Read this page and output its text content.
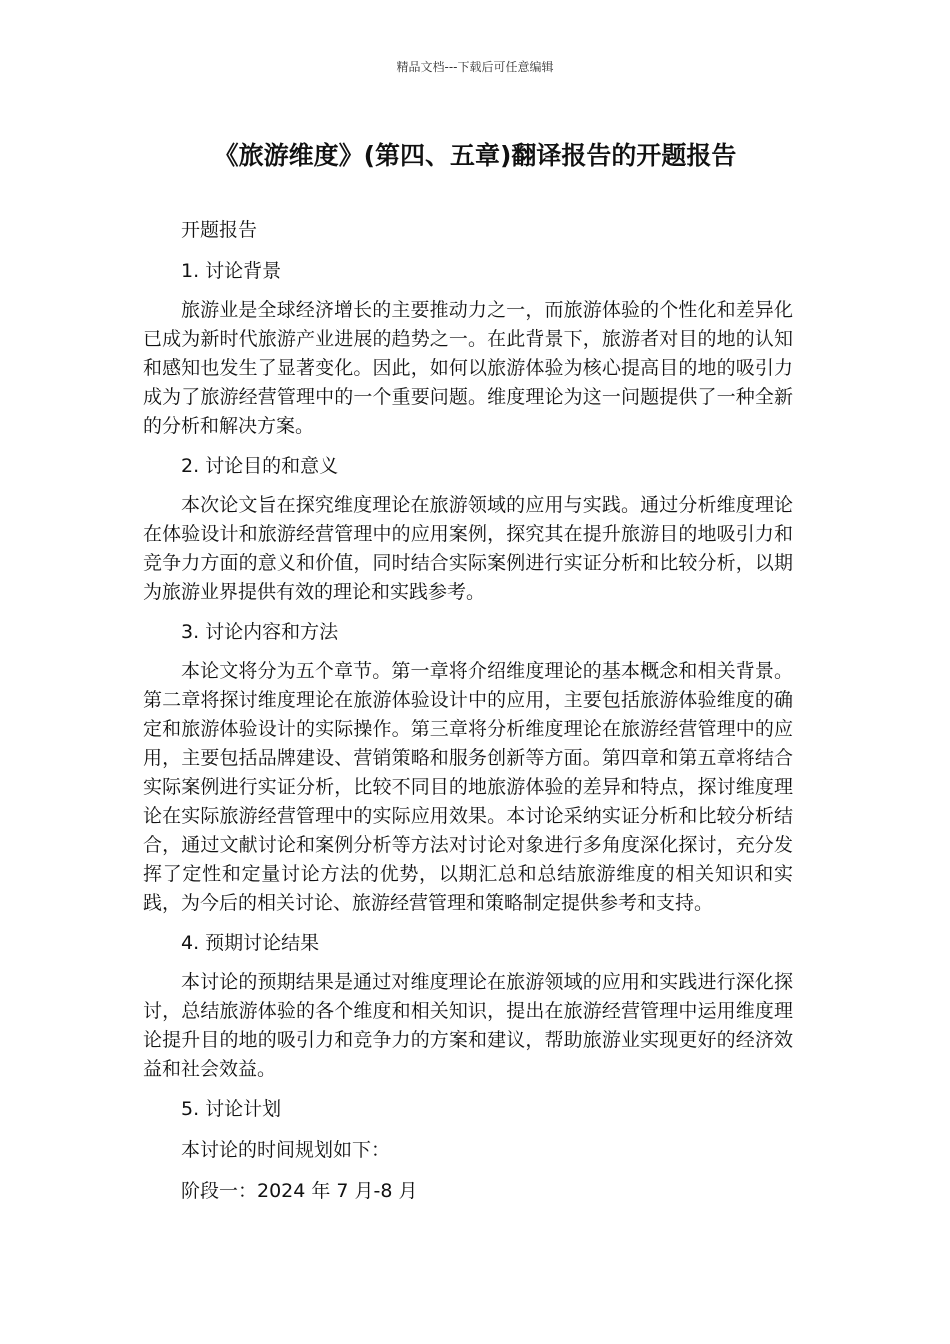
精品文档---下载后可任意编辑
《旅游维度》(第四、五章)翻译报告的开题报告

开题报告

1. 讨论背景

旅游业是全球经济增长的主要推动力之一，而旅游体验的个性化和差异化已成为新时代旅游产业进展的趋势之一。在此背景下，旅游者对目的地的认知和感知也发生了显著变化。因此，如何以旅游体验为核心提高目的地的吸引力成为了旅游经营管理中的一个重要问题。维度理论为这一问题提供了一种全新的分析和解决方案。

2. 讨论目的和意义

本次论文旨在探究维度理论在旅游领域的应用与实践。通过分析维度理论在体验设计和旅游经营管理中的应用案例，探究其在提升旅游目的地吸引力和竞争力方面的意义和价值，同时结合实际案例进行实证分析和比较分析，以期为旅游业界提供有效的理论和实践参考。

3. 讨论内容和方法

本论文将分为五个章节。第一章将介绍维度理论的基本概念和相关背景。第二章将探讨维度理论在旅游体验设计中的应用，主要包括旅游体验维度的确定和旅游体验设计的实际操作。第三章将分析维度理论在旅游经营管理中的应用，主要包括品牌建设、营销策略和服务创新等方面。第四章和第五章将结合实际案例进行实证分析，比较不同目的地旅游体验的差异和特点，探讨维度理论在实际旅游经营管理中的实际应用效果。本讨论采纳实证分析和比较分析结合，通过文献讨论和案例分析等方法对讨论对象进行多角度深化探讨，充分发挥了定性和定量讨论方法的优势，以期汇总和总结旅游维度的相关知识和实践，为今后的相关讨论、旅游经营管理和策略制定提供参考和支持。

4. 预期讨论结果

本讨论的预期结果是通过对维度理论在旅游领域的应用和实践进行深化探讨，总结旅游体验的各个维度和相关知识，提出在旅游经营管理中运用维度理论提升目的地的吸引力和竞争力的方案和建议，帮助旅游业实现更好的经济效益和社会效益。

5. 讨论计划

本讨论的时间规划如下：

阶段一：2024 年 7 月-8 月
